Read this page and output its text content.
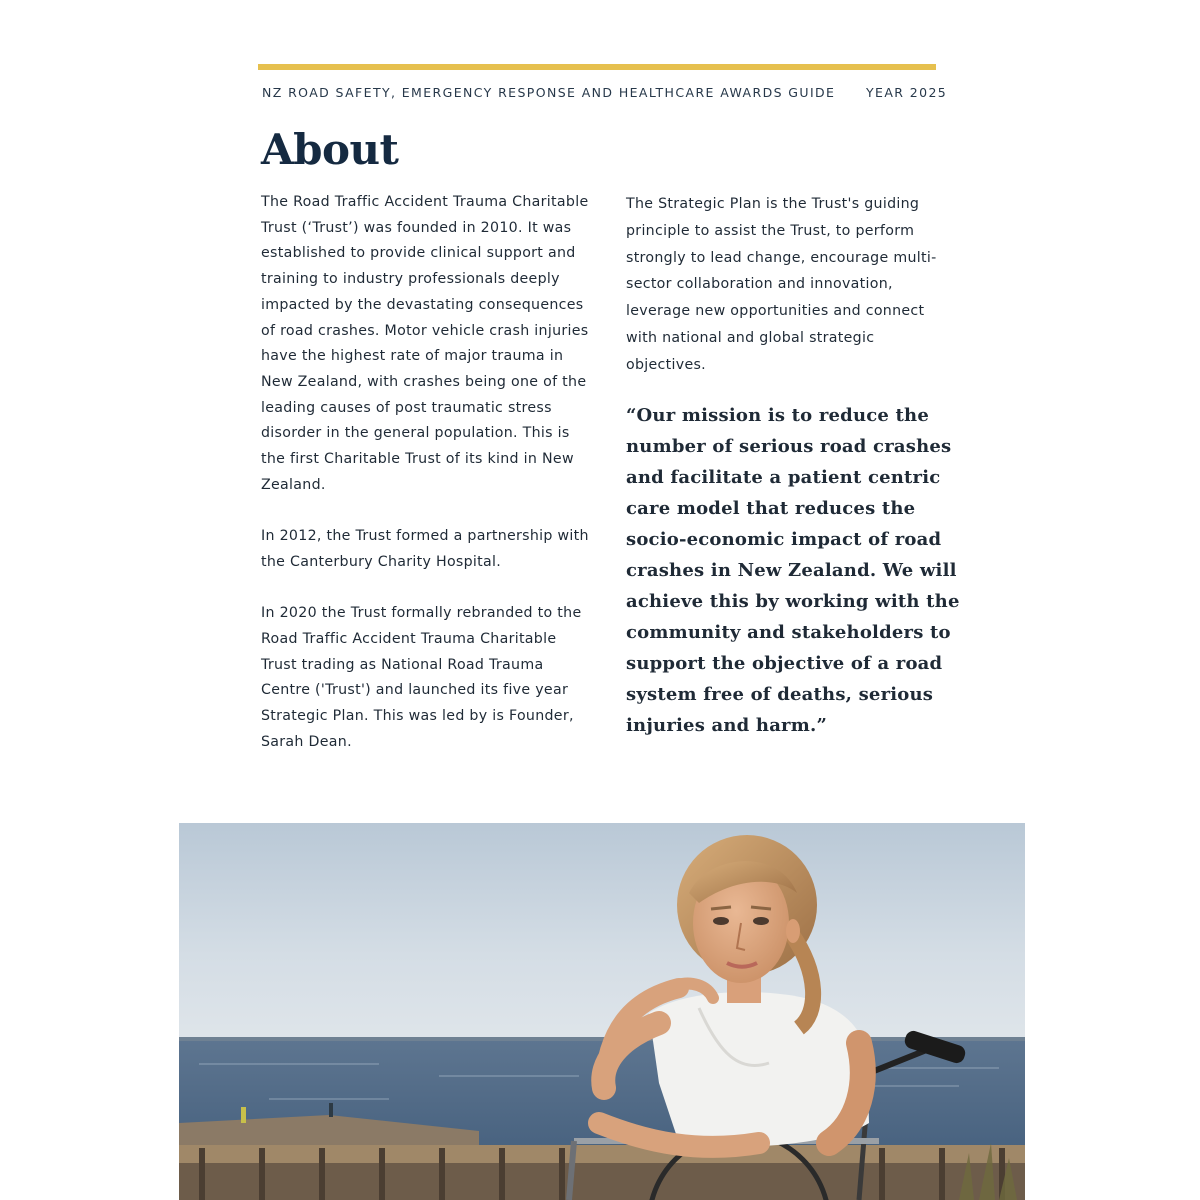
NZ ROAD SAFETY, EMERGENCY RESPONSE AND HEALTHCARE AWARDS GUIDE YEAR 2025
About

The Road Traffic Accident Trauma Charitable Trust (‘Trust’) was founded in 2010. It was established to provide clinical support and training to industry professionals deeply impacted by the devastating consequences of road crashes. Motor vehicle crash injuries have the highest rate of major trauma in New Zealand, with crashes being one of the leading causes of post traumatic stress disorder in the general population. This is the first Charitable Trust of its kind in New Zealand.

In 2012, the Trust formed a partnership with the Canterbury Charity Hospital.

In 2020 the Trust formally rebranded to the Road Traffic Accident Trauma Charitable Trust trading as National Road Trauma Centre ('Trust') and launched its five year Strategic Plan. This was led by is Founder, Sarah Dean.

The Strategic Plan is the Trust's guiding principle to assist the Trust, to perform strongly to lead change, encourage multi-sector collaboration and innovation, leverage new opportunities and connect with national and global strategic objectives.

“Our mission is to reduce the number of serious road crashes and facilitate a patient centric care model that reduces the socio-economic impact of road crashes in New Zealand. We will achieve this by working with the community and stakeholders to support the objective of a road system free of deaths, serious injuries and harm.”
